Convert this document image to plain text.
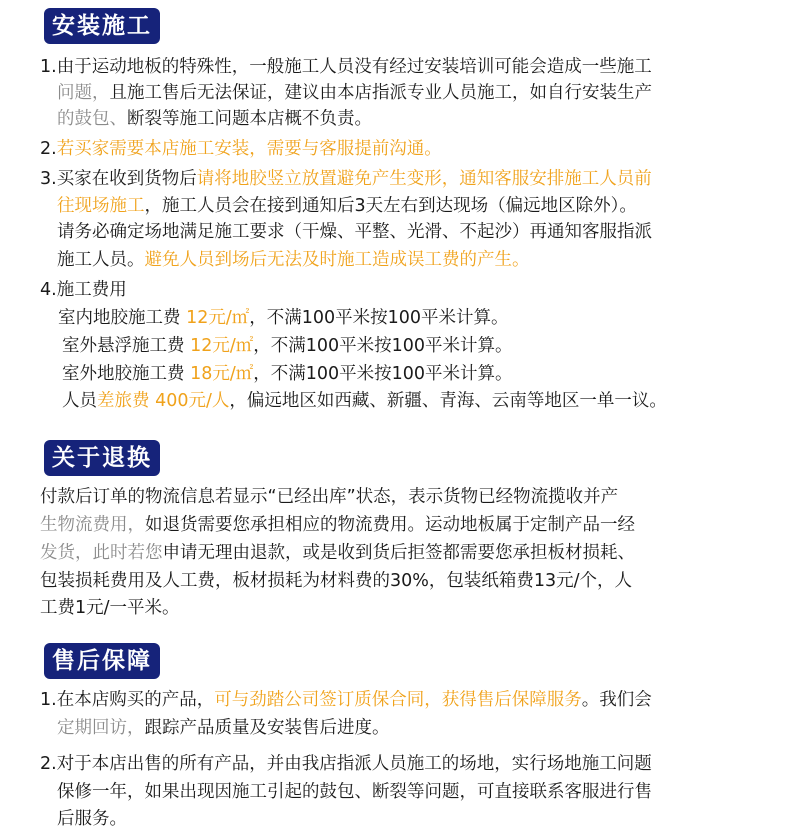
安装施工
1.由于运动地板的特殊性，一般施工人员没有经过安装培训可能会造成一些施工
问题，且施工售后无法保证，建议由本店指派专业人员施工，如自行安装生产
的鼓包、断裂等施工问题本店概不负责。
2.若买家需要本店施工安装，需要与客服提前沟通。
3.买家在收到货物后请将地胶竖立放置避免产生变形，通知客服安排施工人员前
往现场施工，施工人员会在接到通知后3天左右到达现场（偏远地区除外）。
请务必确定场地满足施工要求（干燥、平整、光滑、不起沙）再通知客服指派
施工人员。避免人员到场后无法及时施工造成误工费的产生。
4.施工费用
室内地胶施工费 12元/㎡，不满100平米按100平米计算。
室外悬浮施工费 12元/㎡，不满100平米按100平米计算。
室外地胶施工费 18元/㎡，不满100平米按100平米计算。
人员差旅费 400元/人，偏远地区如西藏、新疆、青海、云南等地区一单一议。
关于退换
付款后订单的物流信息若显示“已经出库”状态，表示货物已经物流揽收并产
生物流费用，如退货需要您承担相应的物流费用。运动地板属于定制产品一经
发货，此时若您申请无理由退款，或是收到货后拒签都需要您承担板材损耗、
包装损耗费用及人工费，板材损耗为材料费的30%，包装纸箱费13元/个，人
工费1元/一平米。
售后保障
1.在本店购买的产品，可与劲踏公司签订质保合同，获得售后保障服务。我们会
定期回访，跟踪产品质量及安装售后进度。
2.对于本店出售的所有产品，并由我店指派人员施工的场地，实行场地施工问题
保修一年，如果出现因施工引起的鼓包、断裂等问题，可直接联系客服进行售
后服务。
